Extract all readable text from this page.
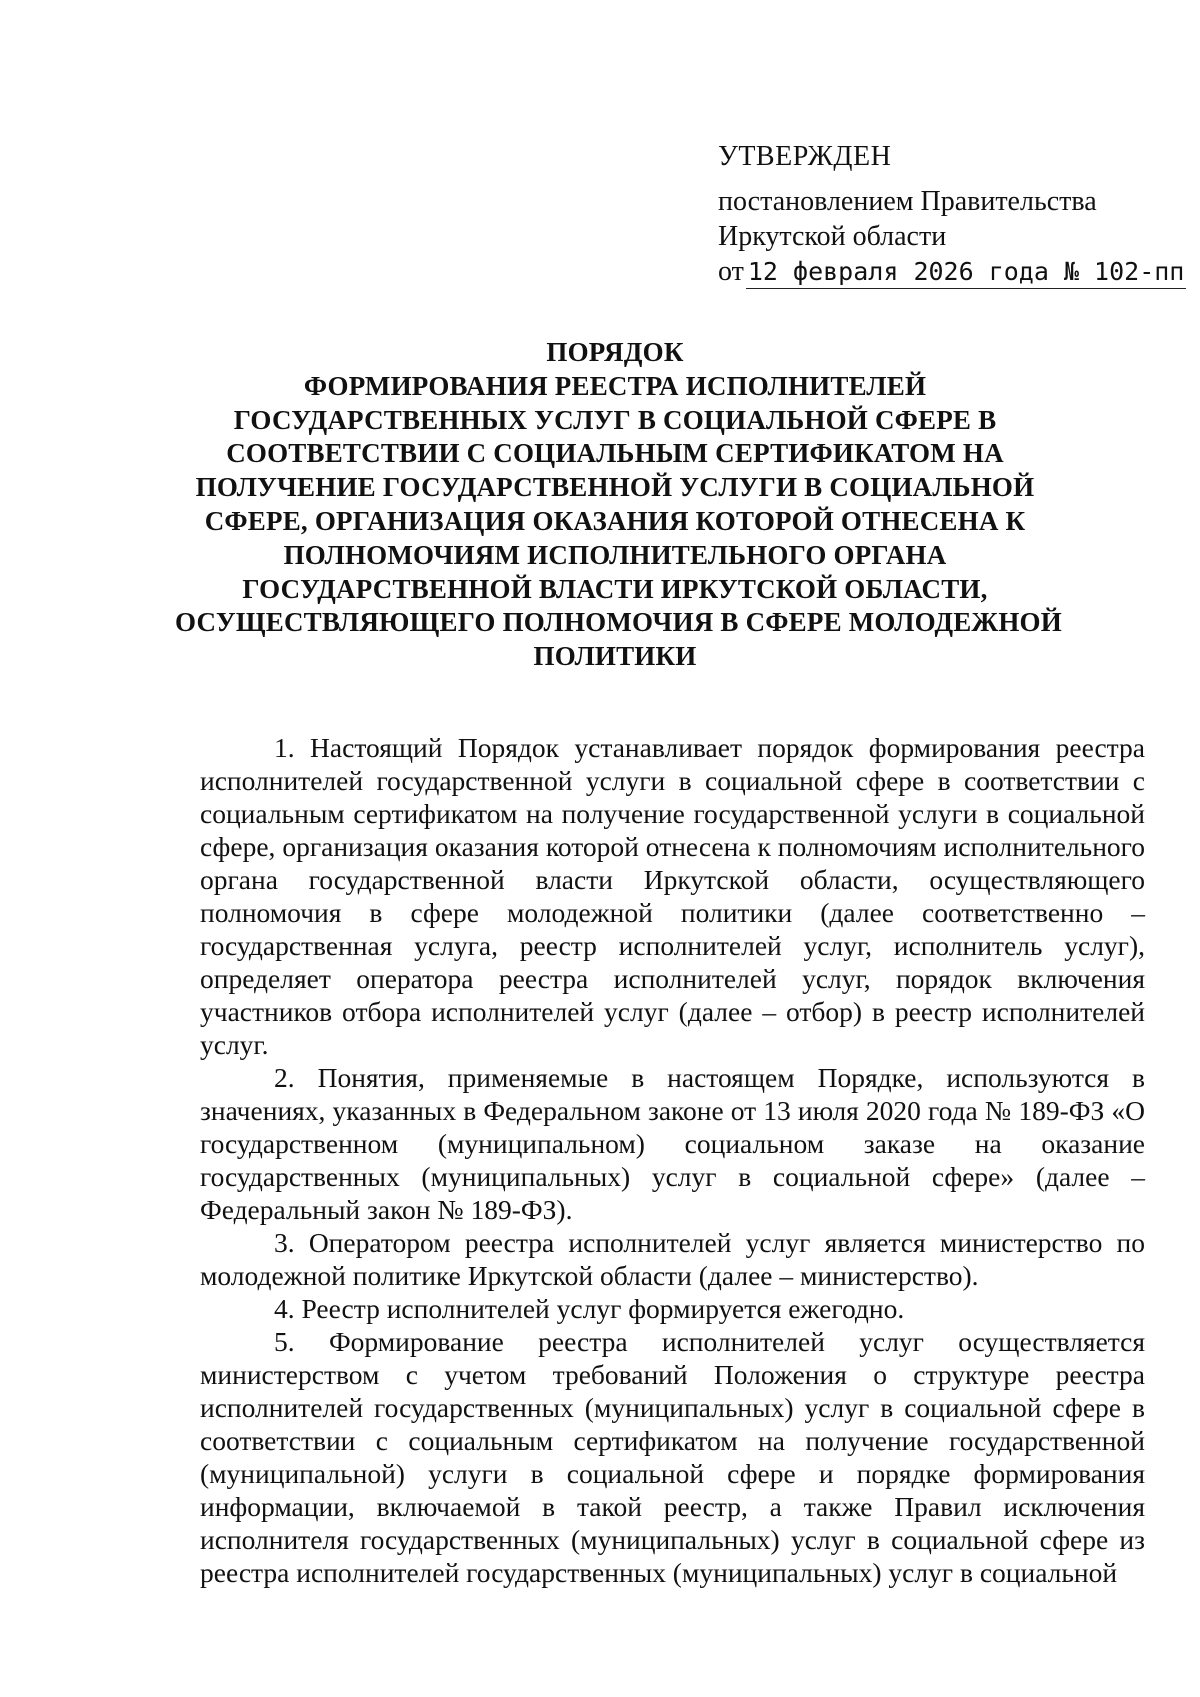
УТВЕРЖДЕН
постановлением Правительства
Иркутской области
от 12 февраля 2026 года № 102-пп
ПОРЯДОК
ФОРМИРОВАНИЯ РЕЕСТРА ИСПОЛНИТЕЛЕЙ
ГОСУДАРСТВЕННЫХ УСЛУГ В СОЦИАЛЬНОЙ СФЕРЕ В
СООТВЕТСТВИИ С СОЦИАЛЬНЫМ СЕРТИФИКАТОМ НА
ПОЛУЧЕНИЕ ГОСУДАРСТВЕННОЙ УСЛУГИ В СОЦИАЛЬНОЙ
СФЕРЕ, ОРГАНИЗАЦИЯ ОКАЗАНИЯ КОТОРОЙ ОТНЕСЕНА К
ПОЛНОМОЧИЯМ ИСПОЛНИТЕЛЬНОГО ОРГАНА
ГОСУДАРСТВЕННОЙ ВЛАСТИ ИРКУТСКОЙ ОБЛАСТИ,
ОСУЩЕСТВЛЯЮЩЕГО ПОЛНОМОЧИЯ В СФЕРЕ МОЛОДЕЖНОЙ
ПОЛИТИКИ

1. Настоящий Порядок устанавливает порядок формирования реестра исполнителей государственной услуги в социальной сфере в соответствии с социальным сертификатом на получение государственной услуги в социальной сфере, организация оказания которой отнесена к полномочиям исполнительного органа государственной власти Иркутской области, осуществляющего полномочия в сфере молодежной политики (далее соответственно – государственная услуга, реестр исполнителей услуг, исполнитель услуг), определяет оператора реестра исполнителей услуг, порядок включения участников отбора исполнителей услуг (далее – отбор) в реестр исполнителей услуг.

2. Понятия, применяемые в настоящем Порядке, используются в значениях, указанных в Федеральном законе от 13 июля 2020 года № 189-ФЗ «О государственном (муниципальном) социальном заказе на оказание государственных (муниципальных) услуг в социальной сфере» (далее – Федеральный закон № 189-ФЗ).

3. Оператором реестра исполнителей услуг является министерство по молодежной политике Иркутской области (далее – министерство).

4. Реестр исполнителей услуг формируется ежегодно.

5. Формирование реестра исполнителей услуг осуществляется министерством с учетом требований Положения о структуре реестра исполнителей государственных (муниципальных) услуг в социальной сфере в соответствии с социальным сертификатом на получение государственной (муниципальной) услуги в социальной сфере и порядке формирования информации, включаемой в такой реестр, а также Правил исключения исполнителя государственных (муниципальных) услуг в социальной сфере из реестра исполнителей государственных (муниципальных) услуг в социальной
